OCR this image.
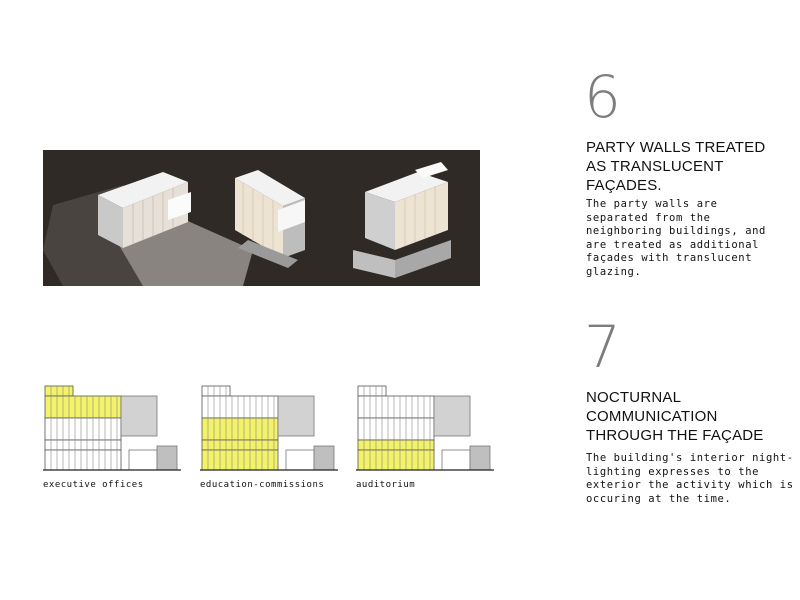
executive offices	education-commissions	auditorium
6
PARTY WALLS TREATED
AS TRANSLUCENT
FAÇADES.
The party walls are
separated from the
neighboring buildings, and
are treated as additional
façades with translucent
glazing.
7
NOCTURNAL
COMMUNICATION
THROUGH THE FAÇADE
The building's interior night-
lighting expresses to the
exterior the activity which is
occuring at the time.
